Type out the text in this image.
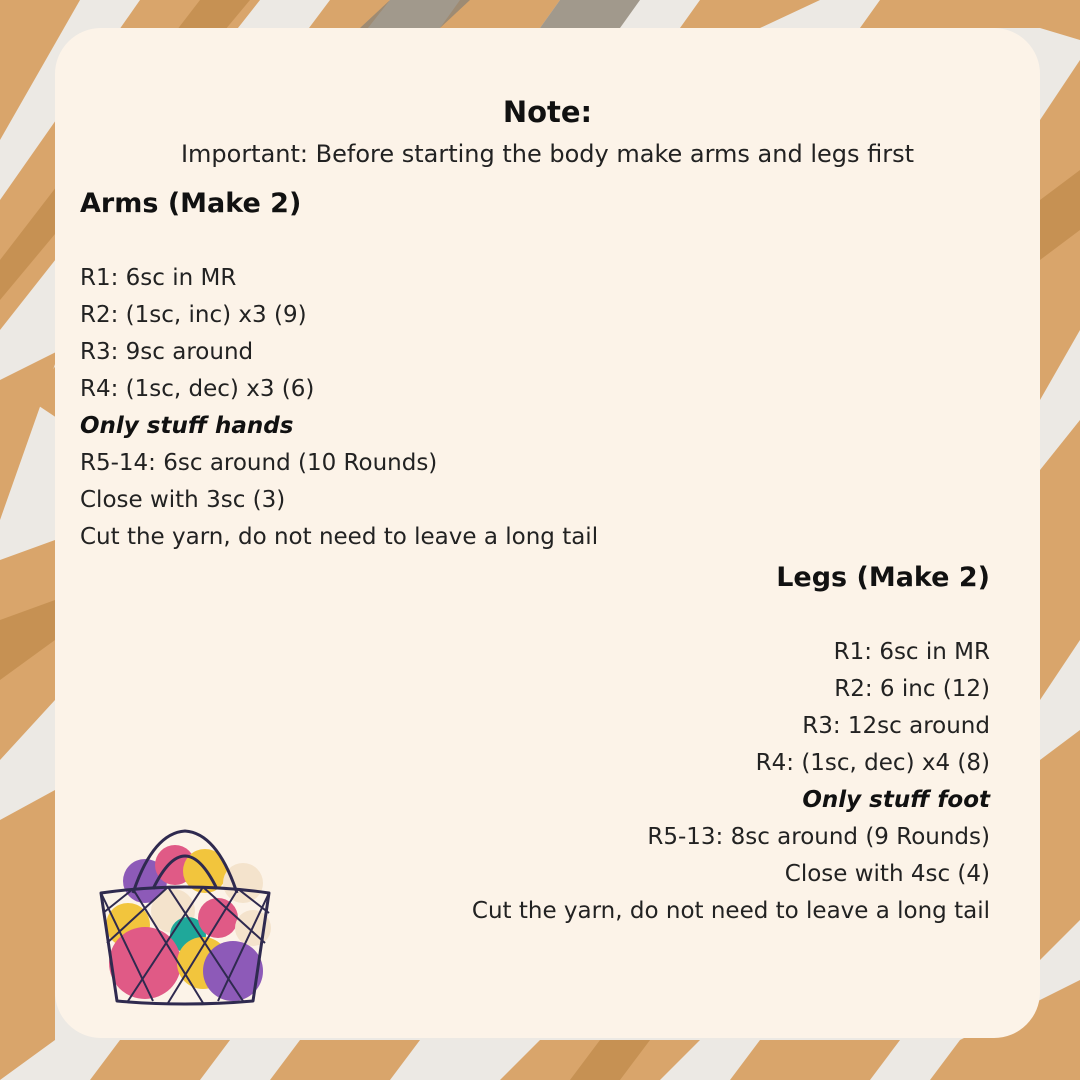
Note:
Important: Before starting the body make arms and legs first
Arms (Make 2)
R1: 6sc in MR
R2: (1sc, inc) x3 (9)
R3: 9sc around
R4: (1sc, dec) x3 (6)
Only stuff hands
R5-14: 6sc around (10 Rounds)
Close with 3sc (3)
Cut the yarn, do not need to leave a long tail
Legs (Make 2)
R1: 6sc in MR
R2: 6 inc (12)
R3: 12sc around
R4: (1sc, dec) x4 (8)
Only stuff foot
R5-13: 8sc around (9 Rounds)
Close with 4sc (4)
Cut the yarn, do not need to leave a long tail
